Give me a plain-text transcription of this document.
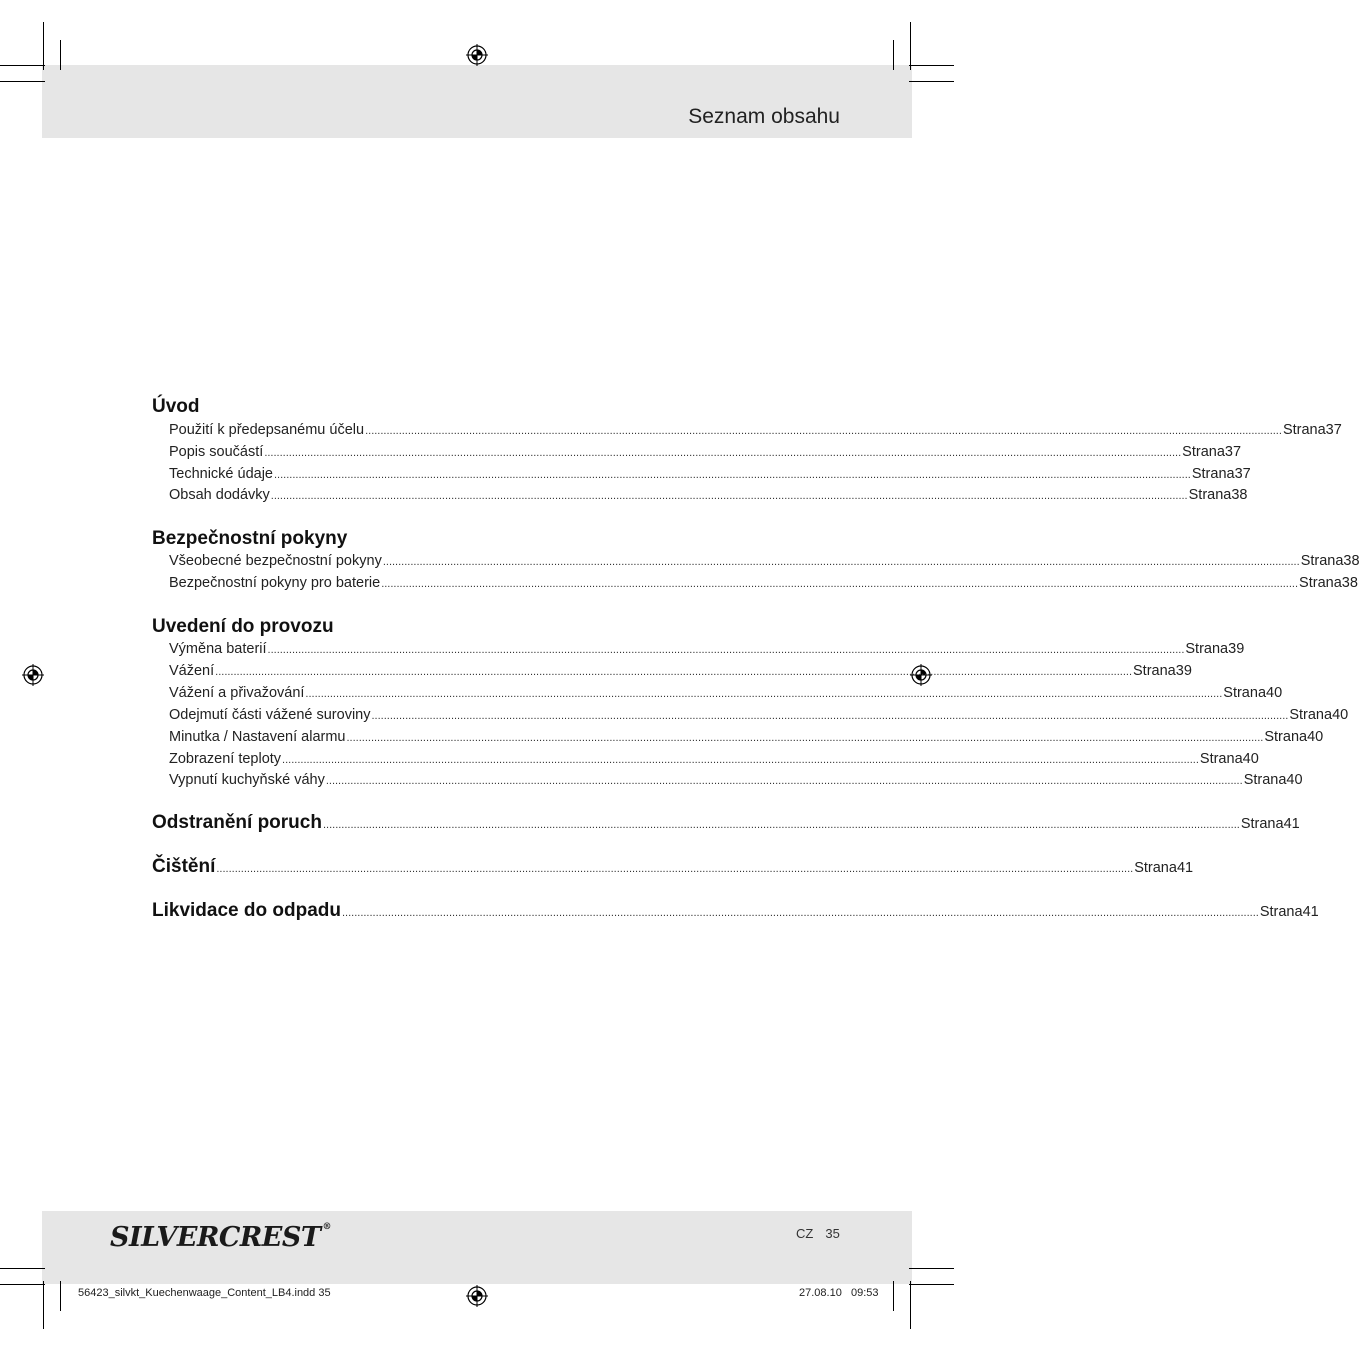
Seznam obsahu
Úvod
Použití k předepsanému účelu ............................................................................................................................................................................................................................................................................................................ Strana 37
Popis součástí ............................................................................................................................................................................................................................................................................................................ Strana 37
Technické údaje ............................................................................................................................................................................................................................................................................................................ Strana 37
Obsah dodávky ............................................................................................................................................................................................................................................................................................................ Strana 38
Bezpečnostní pokyny
Všeobecné bezpečnostní pokyny ............................................................................................................................................................................................................................................................................................................ Strana 38
Bezpečnostní pokyny pro baterie ............................................................................................................................................................................................................................................................................................................ Strana 38
Uvedení do provozu
Výměna baterií ............................................................................................................................................................................................................................................................................................................ Strana 39
Vážení ............................................................................................................................................................................................................................................................................................................ Strana 39
Vážení a přivažování ............................................................................................................................................................................................................................................................................................................ Strana 40
Odejmutí části vážené suroviny ............................................................................................................................................................................................................................................................................................................ Strana 40
Minutka / Nastavení alarmu ............................................................................................................................................................................................................................................................................................................ Strana 40
Zobrazení teploty ............................................................................................................................................................................................................................................................................................................ Strana 40
Vypnutí kuchyňské váhy ............................................................................................................................................................................................................................................................................................................ Strana 40
Odstranění poruch ............................................................................................................................................................................................................................................................................................................ Strana 41
Čištění ............................................................................................................................................................................................................................................................................................................ Strana 41
Likvidace do odpadu ............................................................................................................................................................................................................................................................................................................ Strana 41
SILVERCREST ®	CZ 35
56423_silvkt_Kuechenwaage_Content_LB4.indd 35	27.08.10 09:53
